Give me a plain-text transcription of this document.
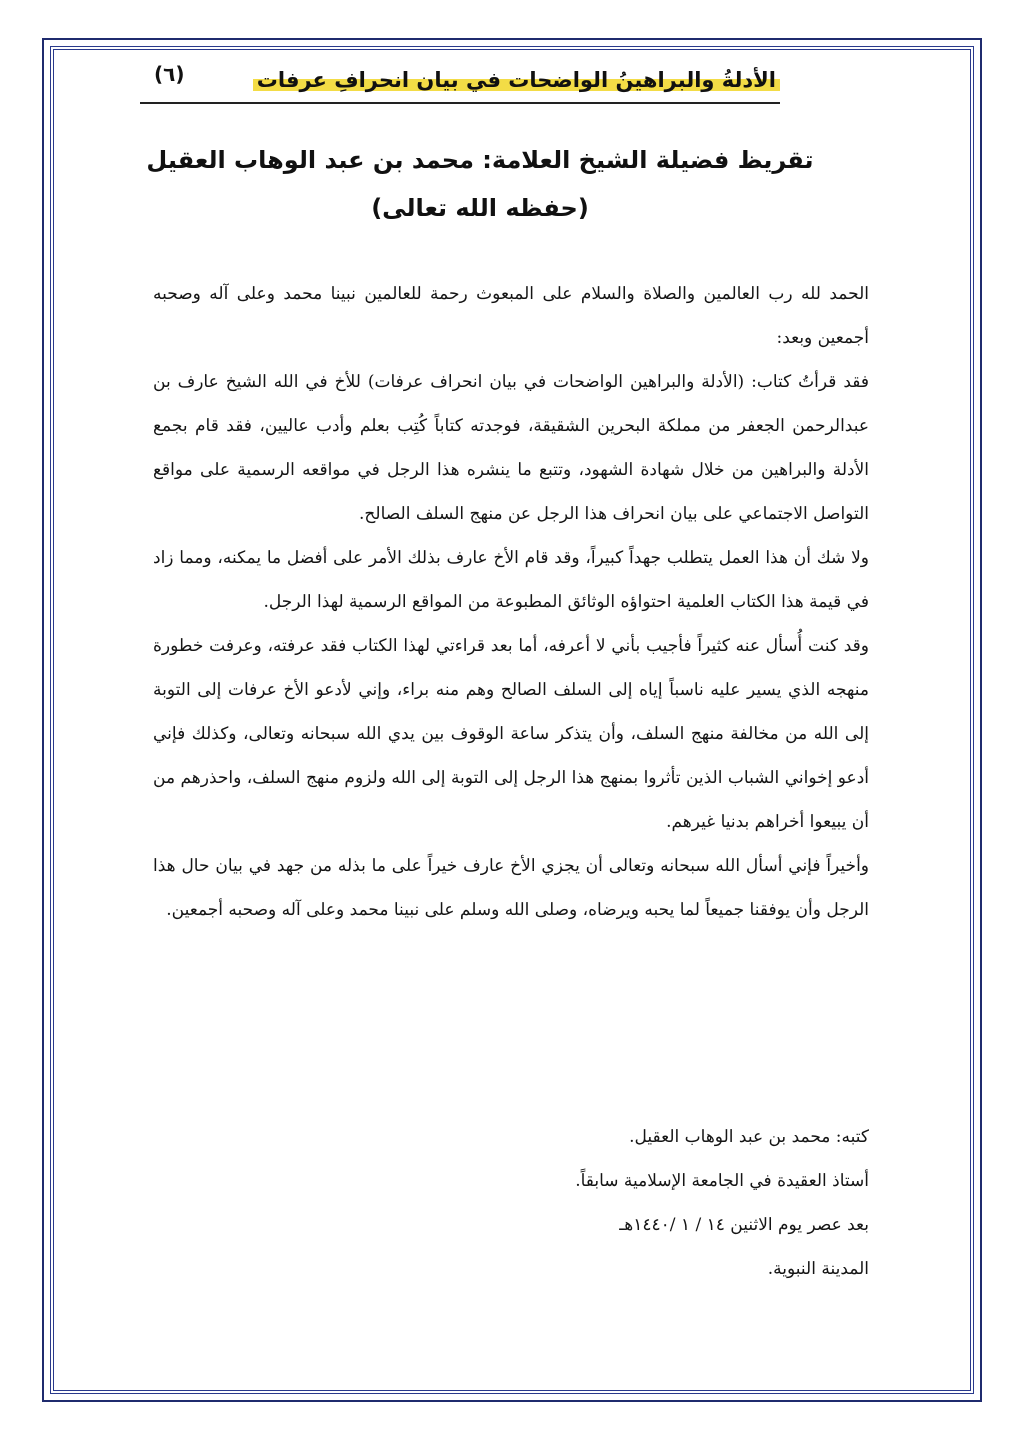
(٦)	الأدلةُ والبراهينُ الواضحات في بيان انحرافِ عرفات
تقريظ فضيلة الشيخ العلامة: محمد بن عبد الوهاب العقيل
(حفظه الله تعالى)

الحمد لله رب العالمين والصلاة والسلام على المبعوث رحمة للعالمين نبينا محمد وعلى آله وصحبه أجمعين وبعد:

فقد قرأتُ كتاب: (الأدلة والبراهين الواضحات في بيان انحراف عرفات) للأخ في الله الشيخ عارف بن عبدالرحمن الجعفر من مملكة البحرين الشقيقة، فوجدته كتاباً كُتِب بعلم وأدب عاليين، فقد قام بجمع الأدلة والبراهين من خلال شهادة الشهود، وتتبع ما ينشره هذا الرجل في مواقعه الرسمية على مواقع التواصل الاجتماعي على بيان انحراف هذا الرجل عن منهج السلف الصالح.

ولا شك أن هذا العمل يتطلب جهداً كبيراً، وقد قام الأخ عارف بذلك الأمر على أفضل ما يمكنه، ومما زاد في قيمة هذا الكتاب العلمية احتواؤه الوثائق المطبوعة من المواقع الرسمية لهذا الرجل.

وقد كنت أُسأل عنه كثيراً فأجيب بأني لا أعرفه، أما بعد قراءتي لهذا الكتاب فقد عرفته، وعرفت خطورة منهجه الذي يسير عليه ناسباً إياه إلى السلف الصالح وهم منه براء، وإني لأدعو الأخ عرفات إلى التوبة إلى الله من مخالفة منهج السلف، وأن يتذكر ساعة الوقوف بين يدي الله سبحانه وتعالى، وكذلك فإني أدعو إخواني الشباب الذين تأثروا بمنهج هذا الرجل إلى التوبة إلى الله ولزوم منهج السلف، واحذرهم من أن يبيعوا أخراهم بدنيا غيرهم.

وأخيراً فإني أسأل الله سبحانه وتعالى أن يجزي الأخ عارف خيراً على ما بذله من جهد في بيان حال هذا الرجل وأن يوفقنا جميعاً لما يحبه ويرضاه، وصلى الله وسلم على نبينا محمد وعلى آله وصحبه أجمعين.

كتبه: محمد بن عبد الوهاب العقيل.
أستاذ العقيدة في الجامعة الإسلامية سابقاً.
بعد عصر يوم الاثنين ١٤ / ١ /١٤٤٠هـ
المدينة النبوية.
